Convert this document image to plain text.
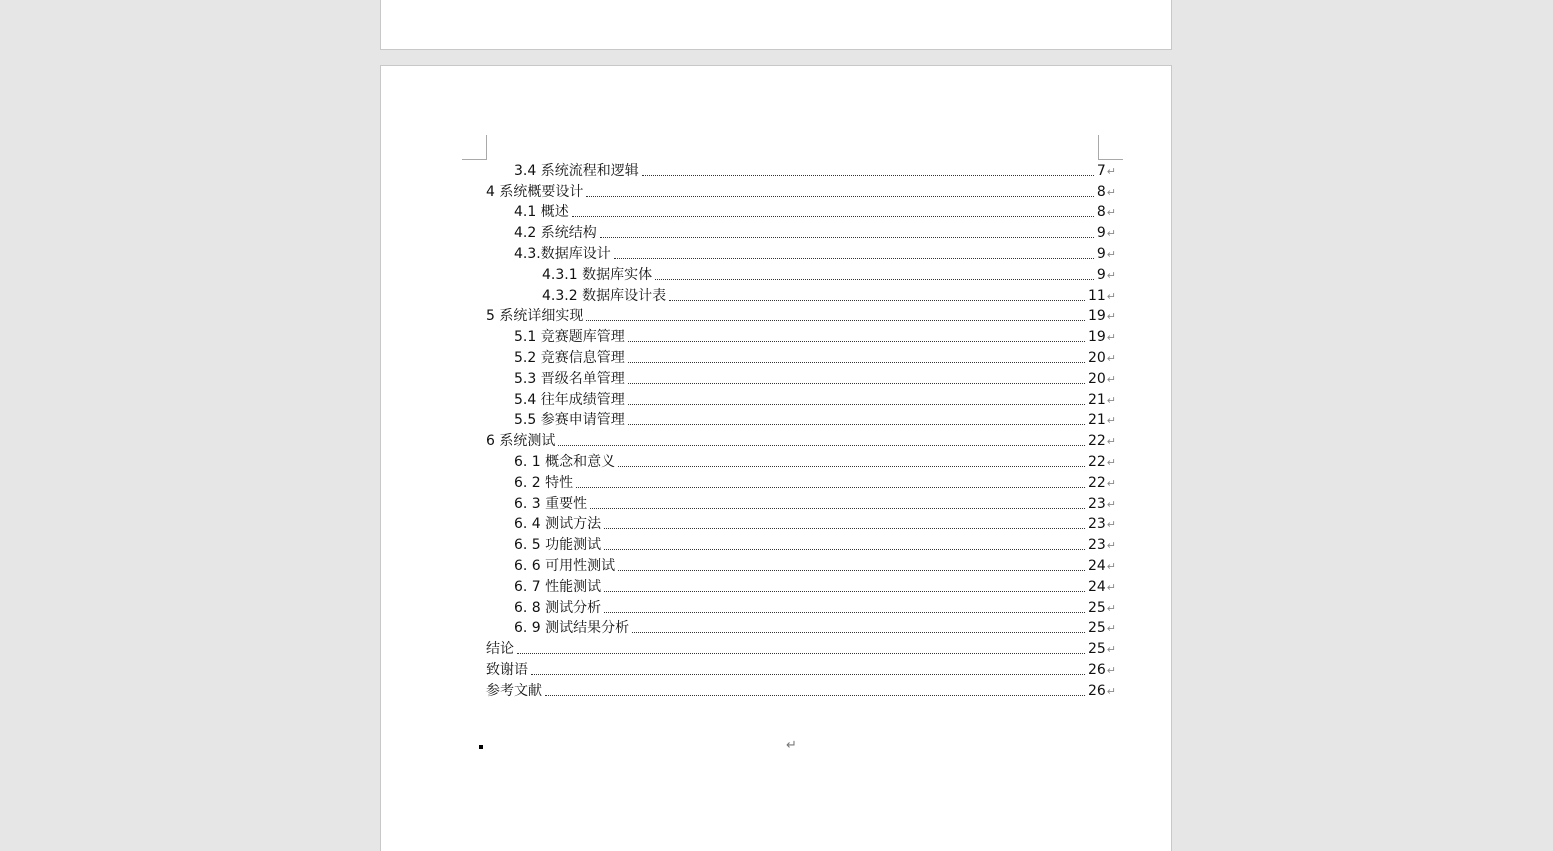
3.4 系统流程和逻辑	7 ↵
4 系统概要设计	8 ↵
4.1 概述	8 ↵
4.2 系统结构	9 ↵
4.3.数据库设计	9 ↵
4.3.1 数据库实体	9 ↵
4.3.2 数据库设计表	11 ↵
5 系统详细实现	19 ↵
5.1 竞赛题库管理	19 ↵
5.2 竞赛信息管理	20 ↵
5.3 晋级名单管理	20 ↵
5.4 往年成绩管理	21 ↵
5.5 参赛申请管理	21 ↵
6 系统测试	22 ↵
6. 1 概念和意义	22 ↵
6. 2 特性	22 ↵
6. 3 重要性	23 ↵
6. 4 测试方法	23 ↵
6. 5 功能测试	23 ↵
6. 6 可用性测试	24 ↵
6. 7 性能测试	24 ↵
6. 8 测试分析	25 ↵
6. 9 测试结果分析	25 ↵
结论	25 ↵
致谢语	26 ↵
参考文献	26 ↵
↵
